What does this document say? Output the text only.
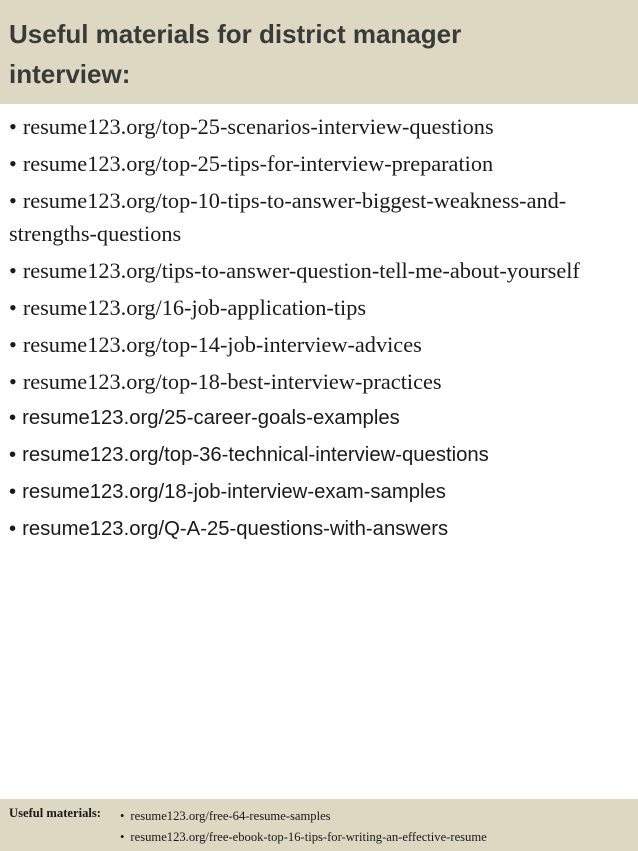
Useful materials for district manager interview:
• resume123.org/top-25-scenarios-interview-questions
• resume123.org/top-25-tips-for-interview-preparation
• resume123.org/top-10-tips-to-answer-biggest-weakness-and-strengths-questions
• resume123.org/tips-to-answer-question-tell-me-about-yourself
• resume123.org/16-job-application-tips
• resume123.org/top-14-job-interview-advices
• resume123.org/top-18-best-interview-practices
• resume123.org/25-career-goals-examples
• resume123.org/top-36-technical-interview-questions
• resume123.org/18-job-interview-exam-samples
• resume123.org/Q-A-25-questions-with-answers
Useful materials: • resume123.org/free-64-resume-samples
• resume123.org/free-ebook-top-16-tips-for-writing-an-effective-resume
